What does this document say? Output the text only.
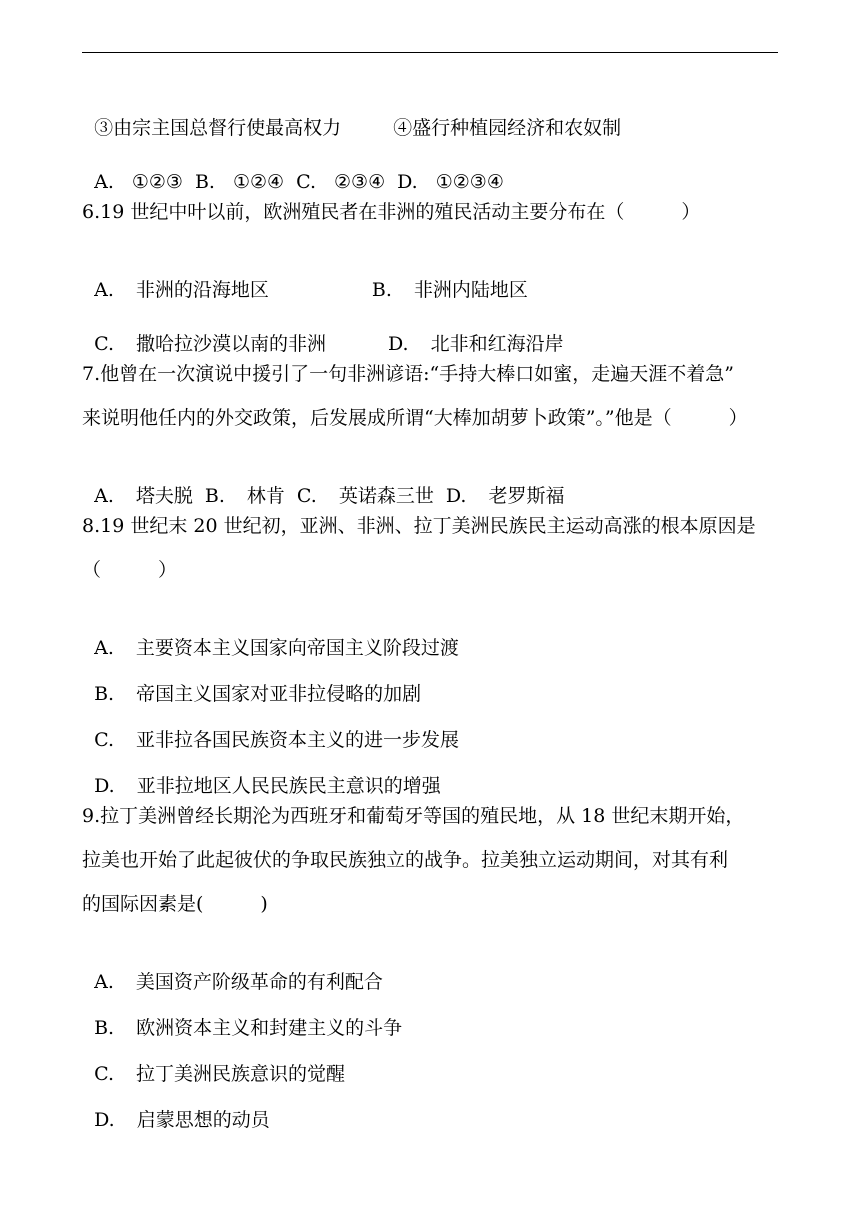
③由宗主国总督行使最高权力	④盛行种植园经济和农奴制

A. ①②③ B. ①②④ C. ②③④ D. ①②③④

6.19 世纪中叶以前，欧洲殖民者在非洲的殖民活动主要分布在（　　　）

A. 非洲的沿海地区	B. 非洲内陆地区

C. 撒哈拉沙漠以南的非洲	D. 北非和红海沿岸

7.他曾在一次演说中援引了一句非洲谚语:“手持大棒口如蜜，走遍天涯不着急”
来说明他任内的外交政策，后发展成所谓“大棒加胡萝卜政策”。”他是（　　　）

A. 塔夫脱 B. 林肯 C. 英诺森三世 D. 老罗斯福

8.19 世纪末 20 世纪初，亚洲、非洲、拉丁美洲民族民主运动高涨的根本原因是
（　　　）

A. 主要资本主义国家向帝国主义阶段过渡

B. 帝国主义国家对亚非拉侵略的加剧

C. 亚非拉各国民族资本主义的进一步发展

D. 亚非拉地区人民民族民主意识的增强

9.拉丁美洲曾经长期沦为西班牙和葡萄牙等国的殖民地，从 18 世纪末期开始，
拉美也开始了此起彼伏的争取民族独立的战争。拉美独立运动期间，对其有利
的国际因素是(　　　)

A. 美国资产阶级革命的有利配合

B. 欧洲资本主义和封建主义的斗争

C. 拉丁美洲民族意识的觉醒

D. 启蒙思想的动员
